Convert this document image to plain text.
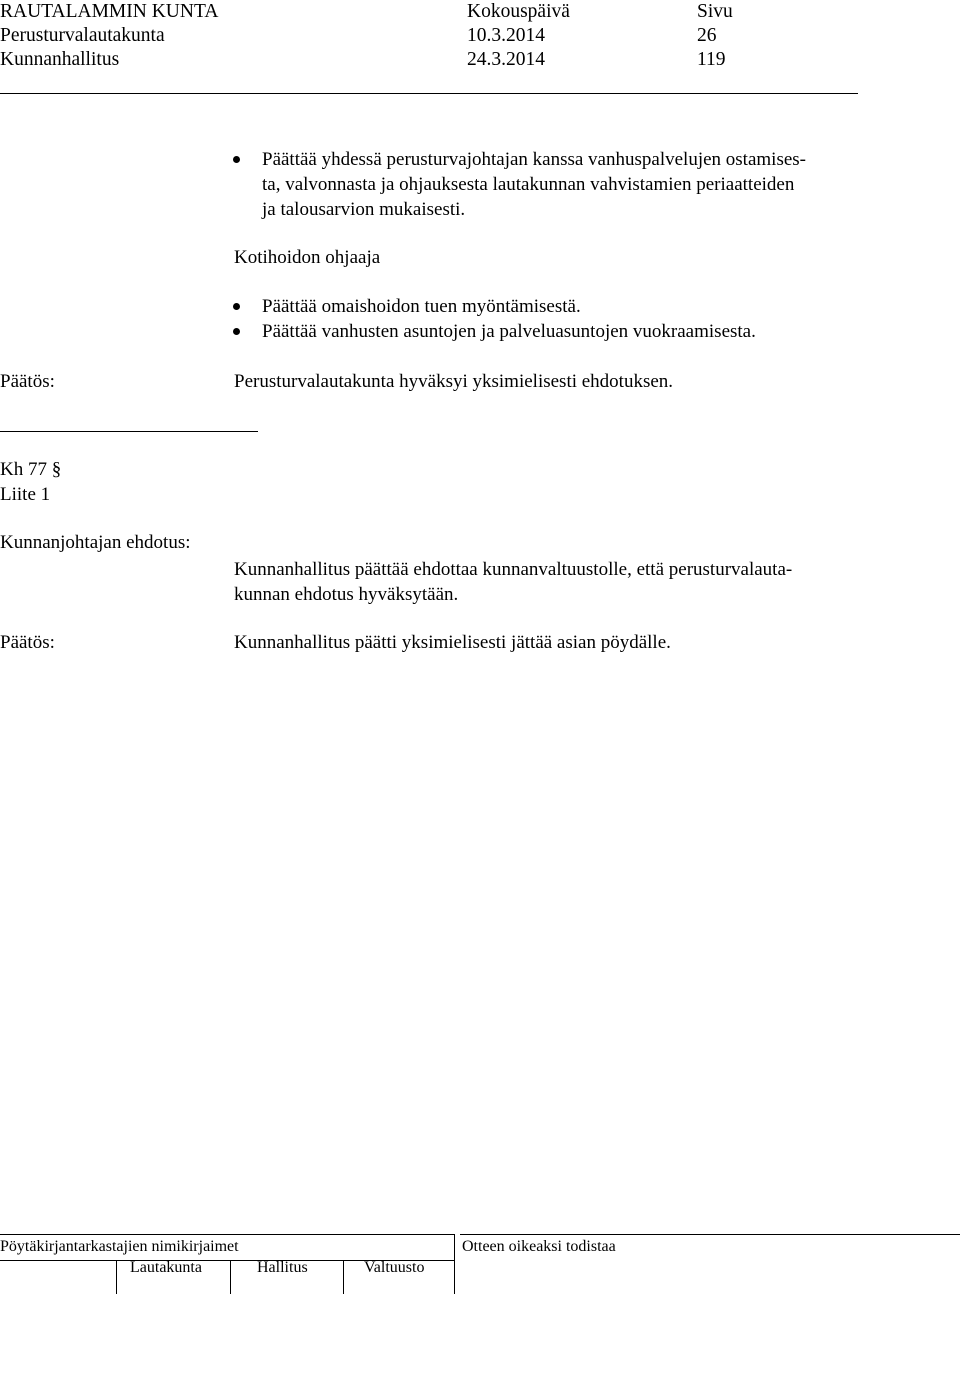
RAUTALAMMIN KUNTA	Kokouspäivä	Sivu
Perusturvalautakunta	10.3.2014	26
Kunnanhallitus	24.3.2014	119
Päättää yhdessä perusturvajohtajan kanssa vanhuspalvelujen ostamises-
ta, valvonnasta ja ohjauksesta lautakunnan vahvistamien periaatteiden
ja talousarvion mukaisesti.
Kotihoidon ohjaaja
Päättää omaishoidon tuen myöntämisestä.
Päättää vanhusten asuntojen ja palveluasuntojen vuokraamisesta.
Päätös:	Perusturvalautakunta hyväksyi yksimielisesti ehdotuksen.
Kh 77 §
Liite 1
Kunnanjohtajan ehdotus:
Kunnanhallitus päättää ehdottaa kunnanvaltuustolle, että perusturvalauta-
kunnan ehdotus hyväksytään.
Päätös:	Kunnanhallitus päätti yksimielisesti jättää asian pöydälle.
Pöytäkirjantarkastajien nimikirjaimet	Otteen oikeaksi todistaa
Lautakunta	Hallitus	Valtuusto
